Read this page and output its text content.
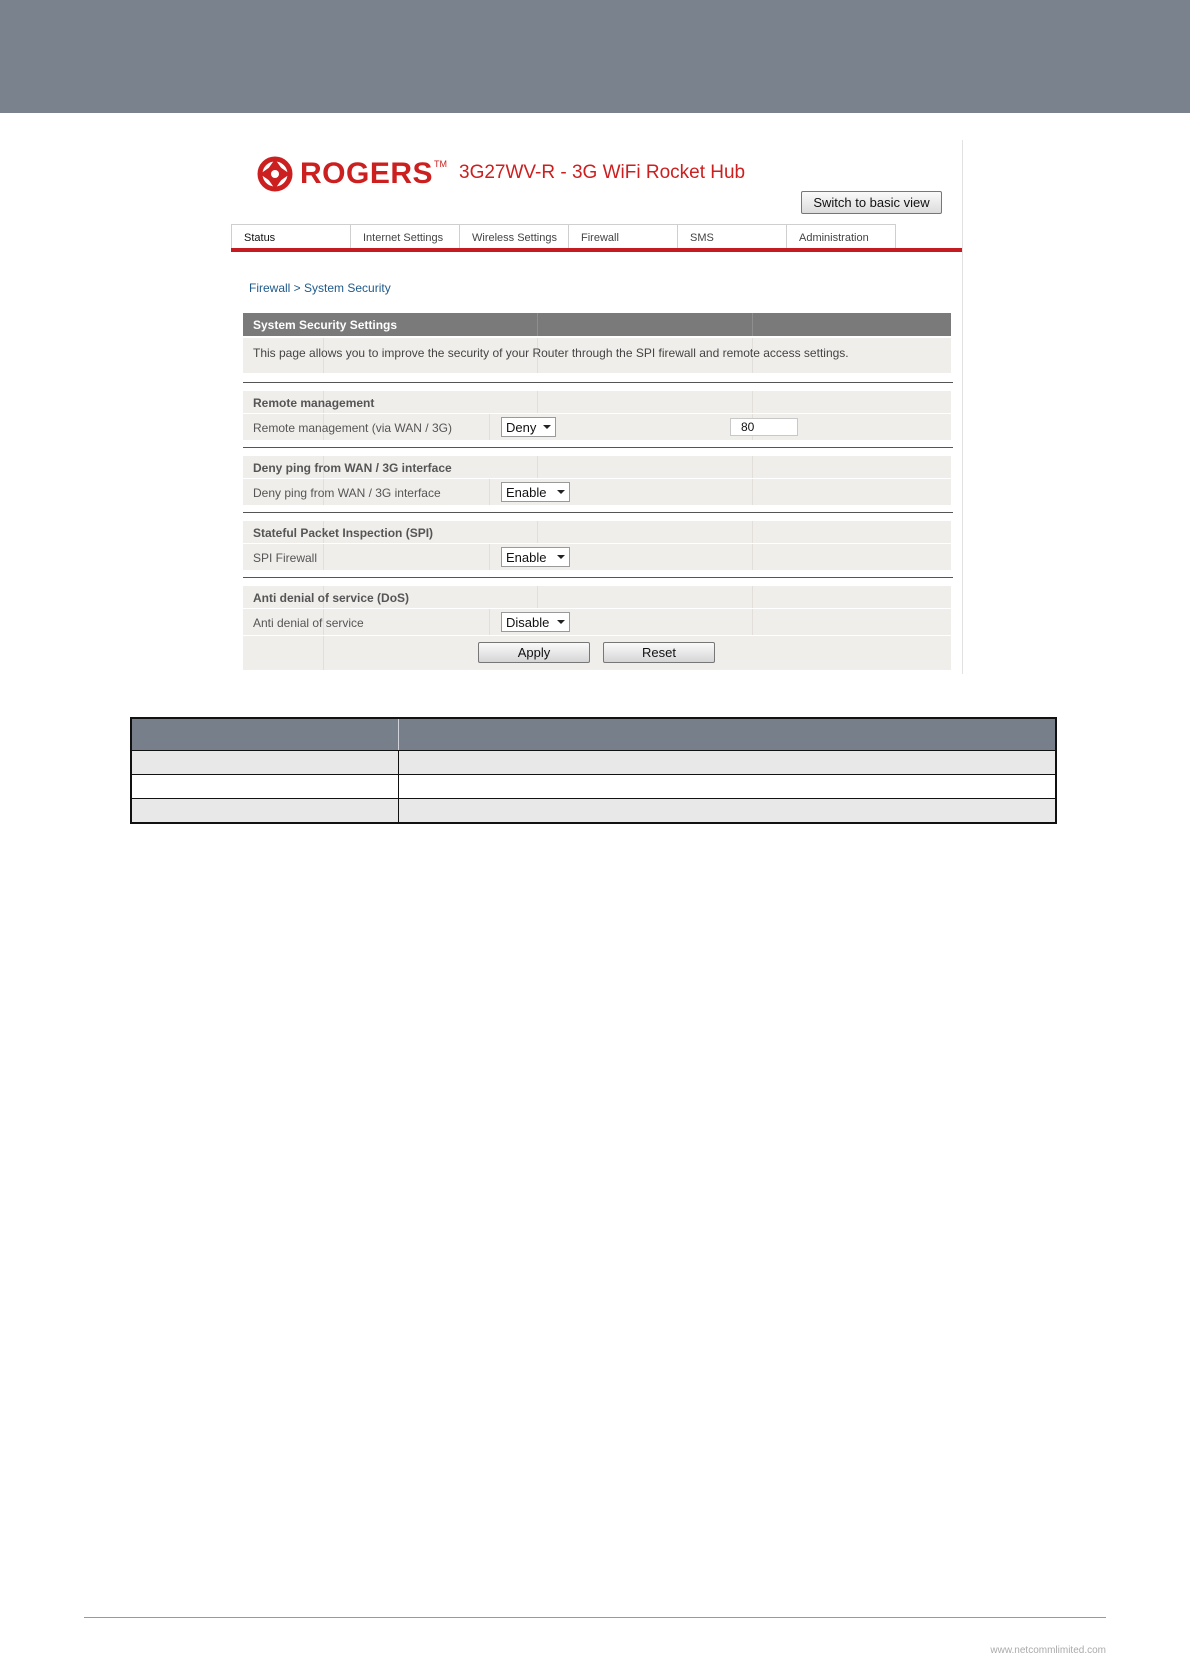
ROGERS TM 3G27WV-R - 3G WiFi Rocket Hub
Switch to basic view
Status	Internet Settings	Wireless Settings	Firewall	SMS	Administration
Firewall > System Security
System Security Settings
This page allows you to improve the security of your Router through the SPI firewall and remote access settings.
Remote management
Remote management (via WAN / 3G)	Deny	80
Deny ping from WAN / 3G interface
Deny ping from WAN / 3G interface	Enable
Stateful Packet Inspection (SPI)
SPI Firewall	Enable
Anti denial of service (DoS)
Anti denial of service	Disable
Apply	Reset
www.netcommlimited.com
